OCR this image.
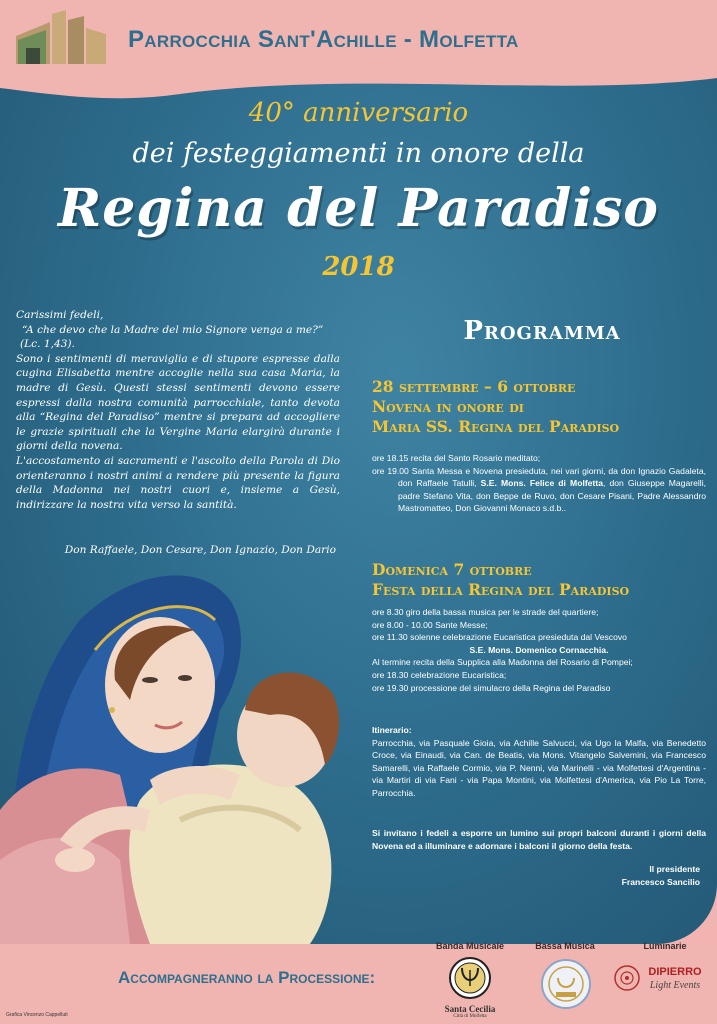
Parrocchia Sant'Achille - Molfetta
40° anniversario
dei festeggiamenti in onore della
Regina del Paradiso
2018

Carissimi fedeli,

“A che devo che la Madre del mio Signore venga a me?”

(Lc. 1,43).

Sono i sentimenti di meraviglia e di stupore espresse dalla cugina Elisabetta mentre accoglie nella sua casa Maria, la madre di Gesù. Questi stessi sentimenti devono essere espressi dalla nostra comunità parrocchiale, tanto devota alla “Regina del Paradiso” mentre si prepara ad accogliere le grazie spirituali che la Vergine Maria elargirà durante i giorni della novena.

L'accostamento ai sacramenti e l'ascolto della Parola di Dio orienteranno i nostri animi a rendere più presente la figura della Madonna nei nostri cuori e, insieme a Gesù, indirizzare la nostra vita verso la santità.

Don Raffaele, Don Cesare, Don Ignazio, Don Dario
Programma
28 settembre – 6 ottobre
Novena in onore di
Maria SS. Regina del Paradiso

ore 18.15 recita del Santo Rosario meditato;

ore 19.00 Santa Messa e Novena presieduta, nei vari giorni, da don Ignazio Gadaleta, don Raffaele Tatulli, S.E. Mons. Felice di Molfetta, don Giuseppe Magarelli, padre Stefano Vita, don Beppe de Ruvo, don Cesare Pisani, Padre Alessandro Mastromatteo, Don Giovanni Monaco s.d.b..

Domenica 7 ottobre
Festa della Regina del Paradiso

ore 8.30 giro della bassa musica per le strade del quartiere;

ore 8.00 - 10.00 Sante Messe;

ore 11.30 solenne celebrazione Eucaristica presieduta dal Vescovo

S.E. Mons. Domenico Cornacchia.

Al termine recita della Supplica alla Madonna del Rosario di Pompei;

ore 18.30 celebrazione Eucaristica;

ore 19.30 processione del simulacro della Regina del Paradiso

Itinerario:

Parrocchia, via Pasquale Gioia, via Achille Salvucci, via Ugo la Malfa, via Benedetto Croce, via Einaudi, via Can. de Beatis, via Mons. Vitangelo Salvemini, via Francesco Samarelli, via Raffaele Cormio, via P. Nenni, via Marinelli - via Molfettesi d'Argentina - via Martiri di via Fani - via Papa Montini, via Molfettesi d'America, via Pio La Torre, Parrocchia.

Si invitano i fedeli a esporre un lumino sui propri balconi duranti i giorni della Novena ed a illuminare e adornare i balconi il giorno della festa.

Il presidente

Francesco Sancilio

Accompagneranno la Processione:
Banda Musicale	Bassa Musica	Luminarie
Santa Cecilia
Città di Molfetta
DIPIERRO
Light Events
Grafica Vincenzo Cappelluti
